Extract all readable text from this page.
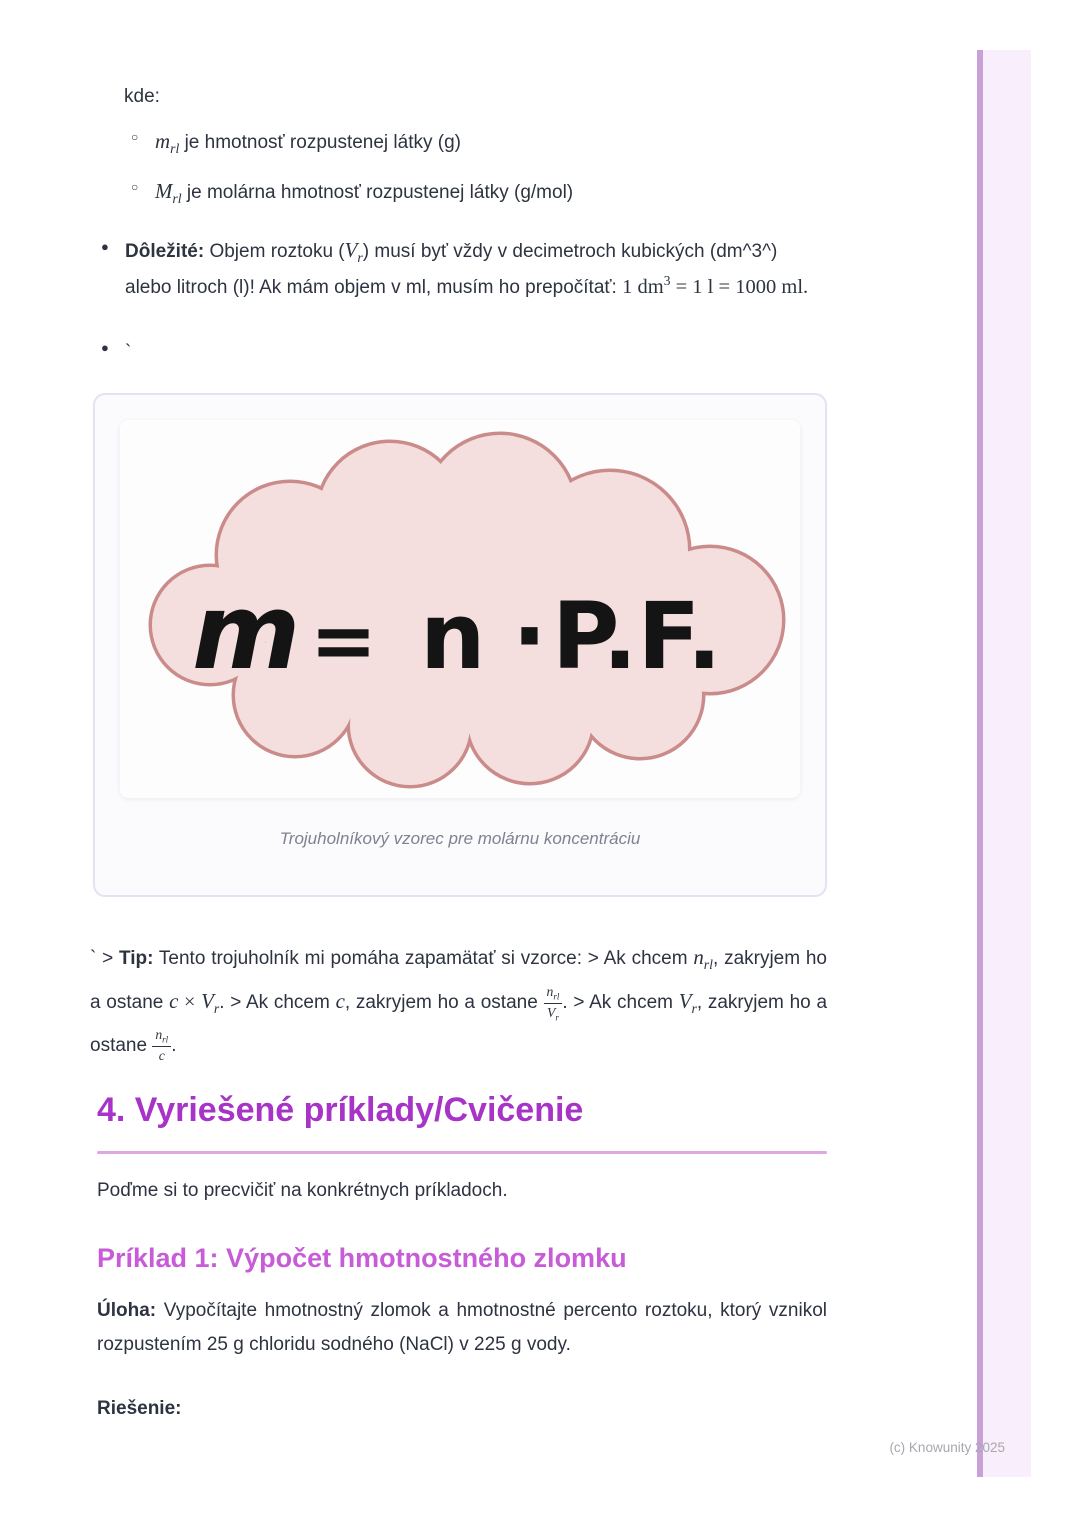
kde:

○ $m_{rl}$ je hmotnosť rozpustenej látky (g)
○ $M_{rl}$ je molárna hmotnosť rozpustenej látky (g/mol)
● Dôležité: Objem roztoku $(V_r)$ musí byť vždy v decimetroch kubických (dm^3^) alebo litroch (l)! Ak mám objem v ml, musím ho prepočítať: 1 $dm^3 = 1$ l = 1000 ml.
● `
m = n ·P.F.
Trojuholníkový vzorec pre molárnu koncentráciu

` > Tip: Tento trojuholník mi pomáha zapamätať si vzorce: > Ak chcem $n_{rl}$, zakryjem ho a ostane $c \times V_r$. > Ak chcem c, zakryjem ho a ostane $\frac{n_{rl}}{V_r}$ . > Ak chcem $V_r$, zakryjem ho a ostane $\frac{n_{rl}}{c}$ .

4. Vyriešené príklady/Cvičenie

Poďme si to precvičiť na konkrétnych príkladoch.

Príklad 1: Výpočet hmotnostného zlomku

Úloha: Vypočítajte hmotnostný zlomok a hmotnostné percento roztoku, ktorý vznikol rozpustením 25 g chloridu sodného (NaCl) v 225 g vody.

Riešenie:

(c) Knowunity 2025
